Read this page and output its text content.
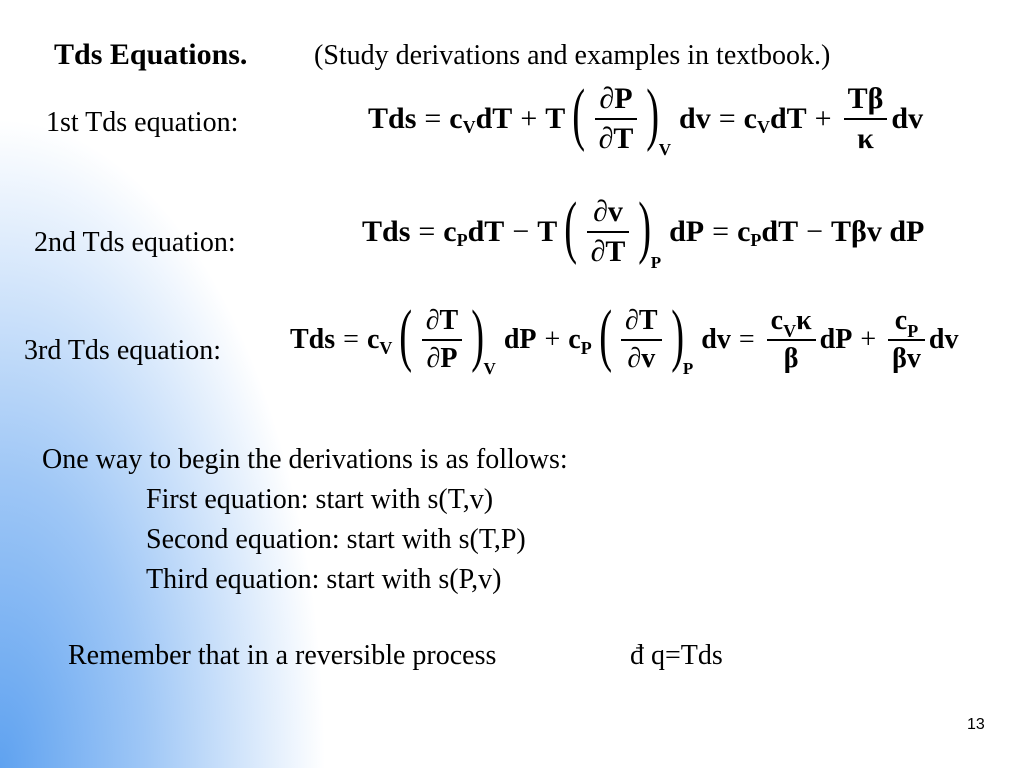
Tds Equations. (Study derivations and examples in textbook.)
1st Tds equation:	Tds = c V dT + T ( $\frac{\partial P}{\partial T}$ ) V
dv = c V dT + $\frac{T\beta}{\kappa}$ dv
2nd Tds equation:	Tds = c P dT − T ( $\frac{\partial v}{\partial T}$ ) P
dP = c P dT − Tβv dP
3rd Tds equation: Tds = c V ( $\frac{\partial T}{\partial P}$ ) V
dP + c P ( $\frac{\partial T}{\partial v}$ ) P
dv = $\frac{c_V\kappa}{\beta}$ dP + $\frac{c_P}{\beta v}$ dv
One way to begin the derivations is as follows:
First equation: start with s(T,v)
Second equation: start with s(T,P)
Third equation: start with s(P,v)
Remember that in a reversible process	đ q=Tds
13
